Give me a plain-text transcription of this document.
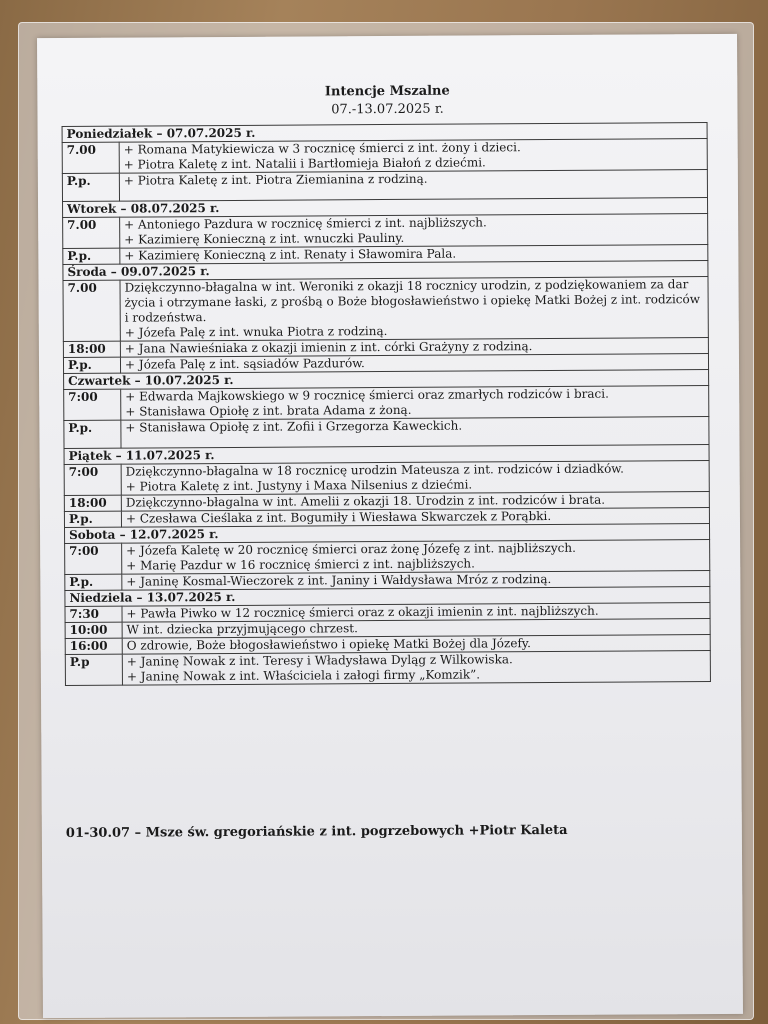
Intencje Mszalne
07.-13.07.2025 r.
Poniedziałek – 07.07.2025 r.	
7.00	+ Romana Matykiewicza w 3 rocznicę śmierci z int. żony i dzieci.
+ Piotra Kaletę z int. Natalii i Bartłomieja Białoń z dziećmi.

P.p.	+ Piotra Kaletę z int. Piotra Ziemianina z rodziną.

Wtorek – 08.07.2025 r.	
7.00	+ Antoniego Pazdura w rocznicę śmierci z int. najbliższych.
+ Kazimierę Konieczną z int. wnuczki Pauliny.

P.p.	+ Kazimierę Konieczną z int. Renaty i Sławomira Pala.

Środa – 09.07.2025 r.	
7.00	Dziękczynno-błagalna w int. Weroniki z okazji 18 rocznicy urodzin, z podziękowaniem za dar życia i otrzymane łaski, z prośbą o Boże błogosławieństwo i opiekę Matki Bożej z int. rodziców i rodzeństwa.
+ Józefa Palę z int. wnuka Piotra z rodziną.

18:00	+ Jana Nawieśniaka z okazji imienin z int. córki Grażyny z rodziną.

P.p.	+ Józefa Palę z int. sąsiadów Pazdurów.

Czwartek – 10.07.2025 r.	
7:00	+ Edwarda Majkowskiego w 9 rocznicę śmierci oraz zmarłych rodziców i braci.
+ Stanisława Opiołę z int. brata Adama z żoną.

P.p.	+ Stanisława Opiołę z int. Zofii i Grzegorza Kaweckich.

Piątek – 11.07.2025 r.	
7:00	Dziękczynno-błagalna w 18 rocznicę urodzin Mateusza z int. rodziców i dziadków.
+ Piotra Kaletę z int. Justyny i Maxa Nilsenius z dziećmi.

18:00	Dziękczynno-błagalna w int. Amelii z okazji 18. Urodzin z int. rodziców i brata.

P.p.	+ Czesława Cieślaka z int. Bogumiły i Wiesława Skwarczek z Porąbki.

Sobota – 12.07.2025 r.	
7:00	+ Józefa Kaletę w 20 rocznicę śmierci oraz żonę Józefę z int. najbliższych.
+ Marię Pazdur w 16 rocznicę śmierci z int. najbliższych.

P.p.	+ Janinę Kosmal-Wieczorek z int. Janiny i Wałdysława Mróz z rodziną.

Niedziela – 13.07.2025 r.	
7:30	+ Pawła Piwko w 12 rocznicę śmierci oraz z okazji imienin z int. najbliższych.

10:00	W int. dziecka przyjmującego chrzest.

16:00	O zdrowie, Boże błogosławieństwo i opiekę Matki Bożej dla Józefy.

P.p	+ Janinę Nowak z int. Teresy i Władysława Dyląg z Wilkowiska.
+ Janinę Nowak z int. Właściciela i załogi firmy „Komzik”.
01-30.07 – Msze św. gregoriańskie z int. pogrzebowych +Piotr Kaleta
